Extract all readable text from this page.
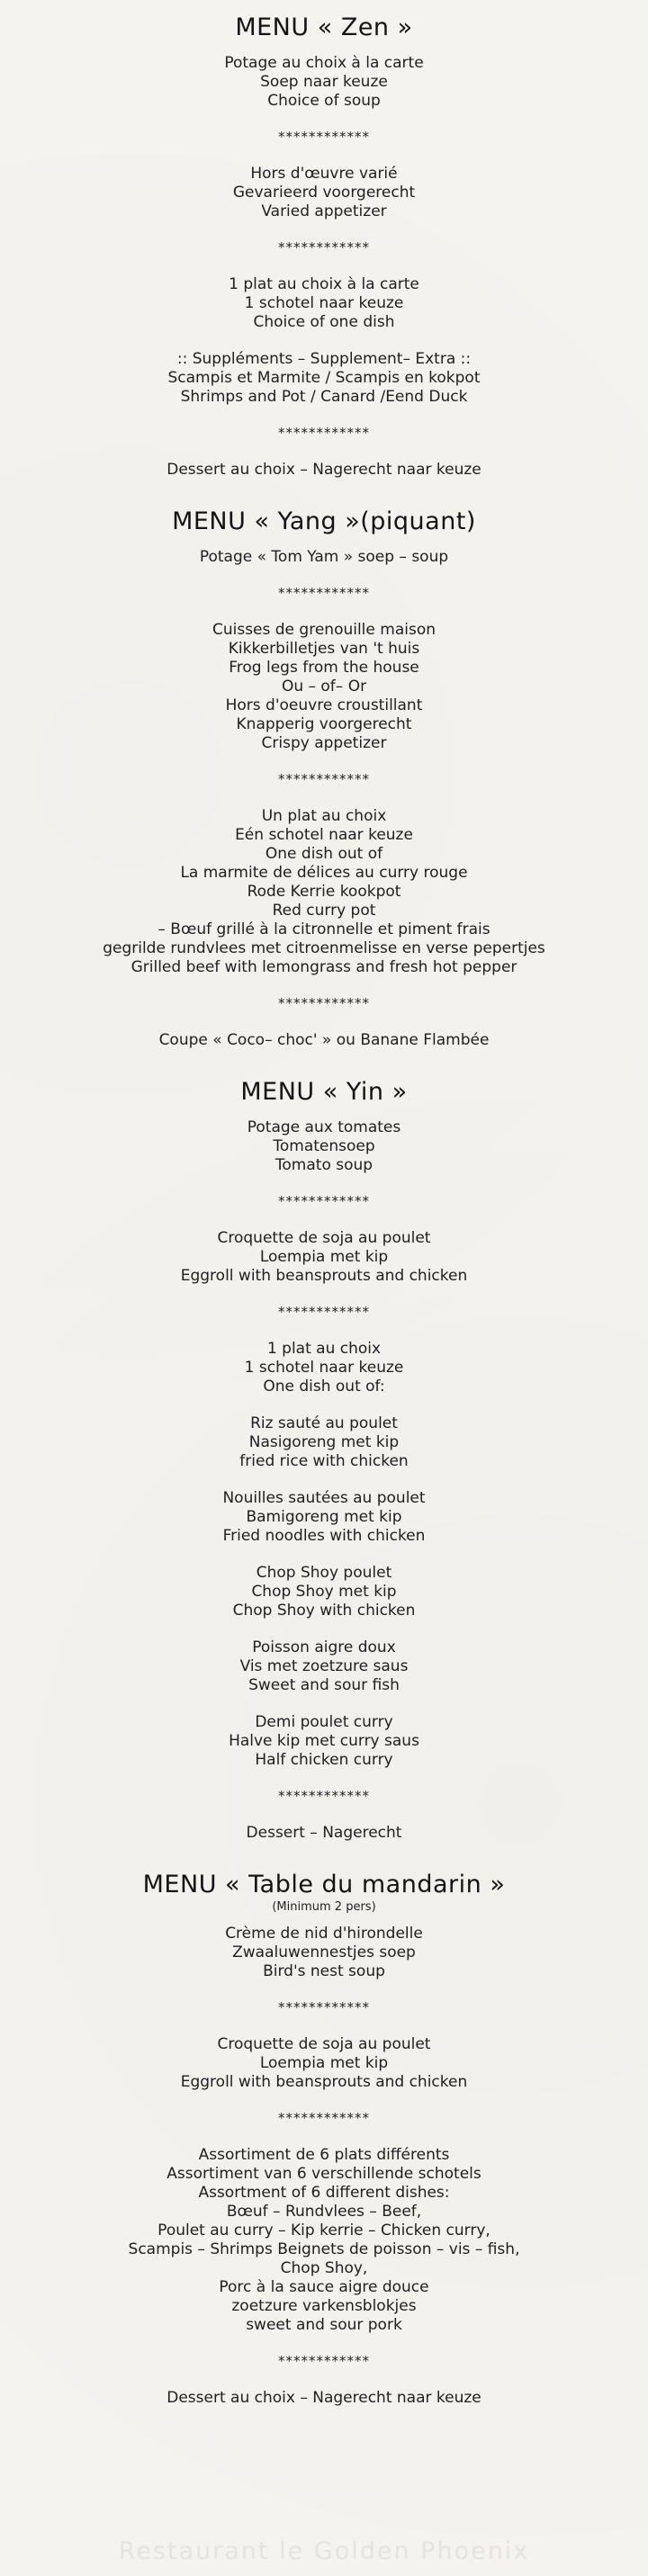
MENU « Zen »

Potage au choix à la carte

Soep naar keuze

Choice of soup

************

Hors d'œuvre varié

Gevarieerd voorgerecht

Varied appetizer

************

1 plat au choix à la carte

1 schotel naar keuze

Choice of one dish

:: Suppléments – Supplement– Extra ::

Scampis et Marmite / Scampis en kokpot

Shrimps and Pot / Canard /Eend Duck

************

Dessert au choix – Nagerecht naar keuze

MENU « Yang »(piquant)

Potage « Tom Yam » soep – soup

************

Cuisses de grenouille maison

Kikkerbilletjes van 't huis

Frog legs from the house

Ou – of– Or

Hors d'oeuvre croustillant

Knapperig voorgerecht

Crispy appetizer

************

Un plat au choix

Eén schotel naar keuze

One dish out of

La marmite de délices au curry rouge

Rode Kerrie kookpot

Red curry pot

– Bœuf grillé à la citronnelle et piment frais

gegrilde rundvlees met citroenmelisse en verse pepertjes

Grilled beef with lemongrass and fresh hot pepper

************

Coupe « Coco– choc' » ou Banane Flambée

MENU « Yin »

Potage aux tomates

Tomatensoep

Tomato soup

************

Croquette de soja au poulet

Loempia met kip

Eggroll with beansprouts and chicken

************

1 plat au choix

1 schotel naar keuze

One dish out of:

Riz sauté au poulet

Nasigoreng met kip

fried rice with chicken

Nouilles sautées au poulet

Bamigoreng met kip

Fried noodles with chicken

Chop Shoy poulet

Chop Shoy met kip

Chop Shoy with chicken

Poisson aigre doux

Vis met zoetzure saus

Sweet and sour fish

Demi poulet curry

Halve kip met curry saus

Half chicken curry

************

Dessert – Nagerecht

MENU « Table du mandarin »
(Minimum 2 pers)

Crème de nid d'hirondelle

Zwaaluwennestjes soep

Bird's nest soup

************

Croquette de soja au poulet

Loempia met kip

Eggroll with beansprouts and chicken

************

Assortiment de 6 plats différents

Assortiment van 6 verschillende schotels

Assortment of 6 different dishes:

Bœuf – Rundvlees – Beef,

Poulet au curry – Kip kerrie – Chicken curry,

Scampis – Shrimps Beignets de poisson – vis – fish,

Chop Shoy,

Porc à la sauce aigre douce

zoetzure varkensblokjes

sweet and sour pork

************

Dessert au choix – Nagerecht naar keuze

Restaurant le Golden Phoenix
